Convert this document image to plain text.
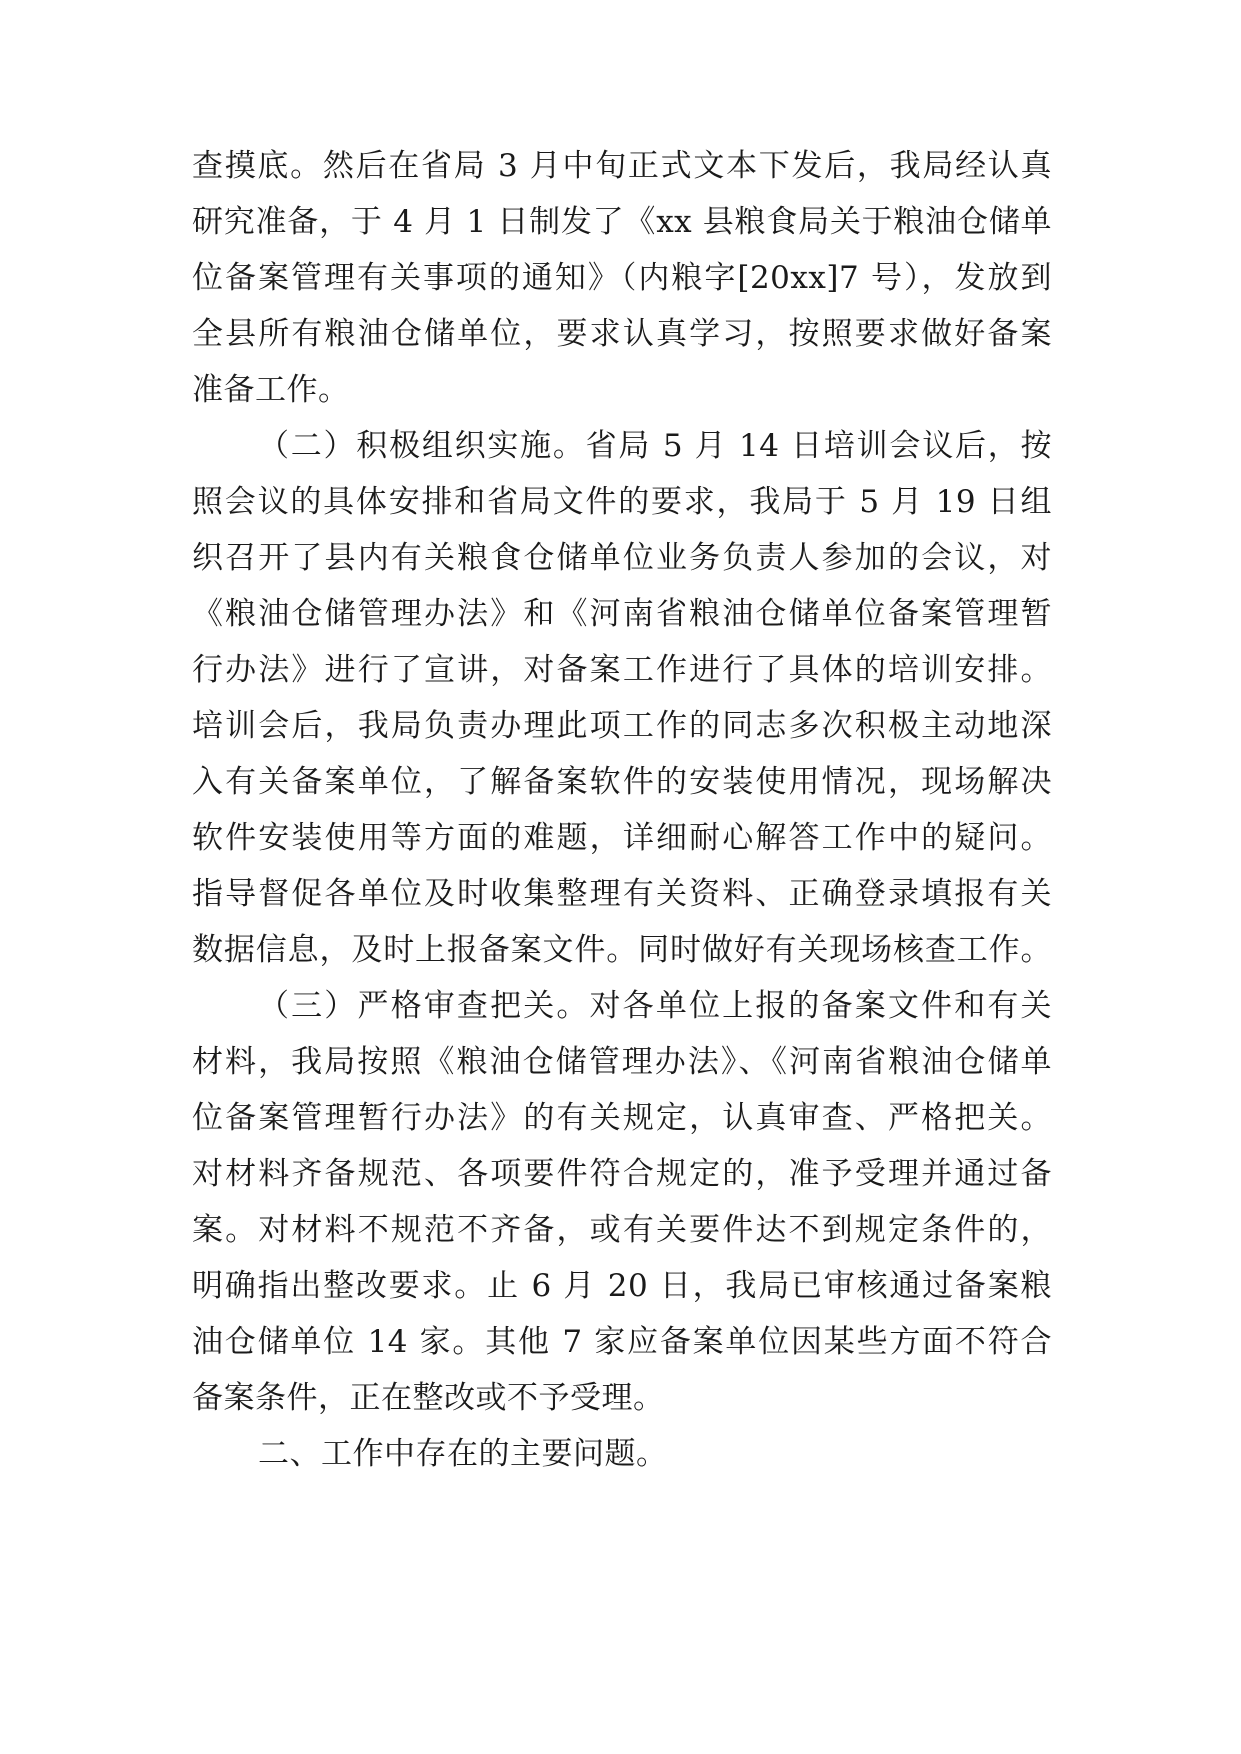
查摸底。然后在省局 3 月中旬正式文本下发后，我局经认真
研究准备，于 4 月 1 日制发了《xx 县粮食局关于粮油仓储单
位备案管理有关事项的通知》（内粮字[20xx]7 号），发放到
全县所有粮油仓储单位，要求认真学习，按照要求做好备案
准备工作。
（二）积极组织实施。省局 5 月 14 日培训会议后，按
照会议的具体安排和省局文件的要求，我局于 5 月 19 日组
织召开了县内有关粮食仓储单位业务负责人参加的会议，对
《粮油仓储管理办法》和《河南省粮油仓储单位备案管理暂
行办法》进行了宣讲，对备案工作进行了具体的培训安排。
培训会后，我局负责办理此项工作的同志多次积极主动地深
入有关备案单位，了解备案软件的安装使用情况，现场解决
软件安装使用等方面的难题，详细耐心解答工作中的疑问。
指导督促各单位及时收集整理有关资料、正确登录填报有关
数据信息，及时上报备案文件。同时做好有关现场核查工作。
（三）严格审查把关。对各单位上报的备案文件和有关
材料，我局按照《粮油仓储管理办法》、《河南省粮油仓储单
位备案管理暂行办法》的有关规定，认真审查、严格把关。
对材料齐备规范、各项要件符合规定的，准予受理并通过备
案。对材料不规范不齐备，或有关要件达不到规定条件的，
明确指出整改要求。止 6 月 20 日，我局已审核通过备案粮
油仓储单位 14 家。其他 7 家应备案单位因某些方面不符合
备案条件，正在整改或不予受理。
二、工作中存在的主要问题。
